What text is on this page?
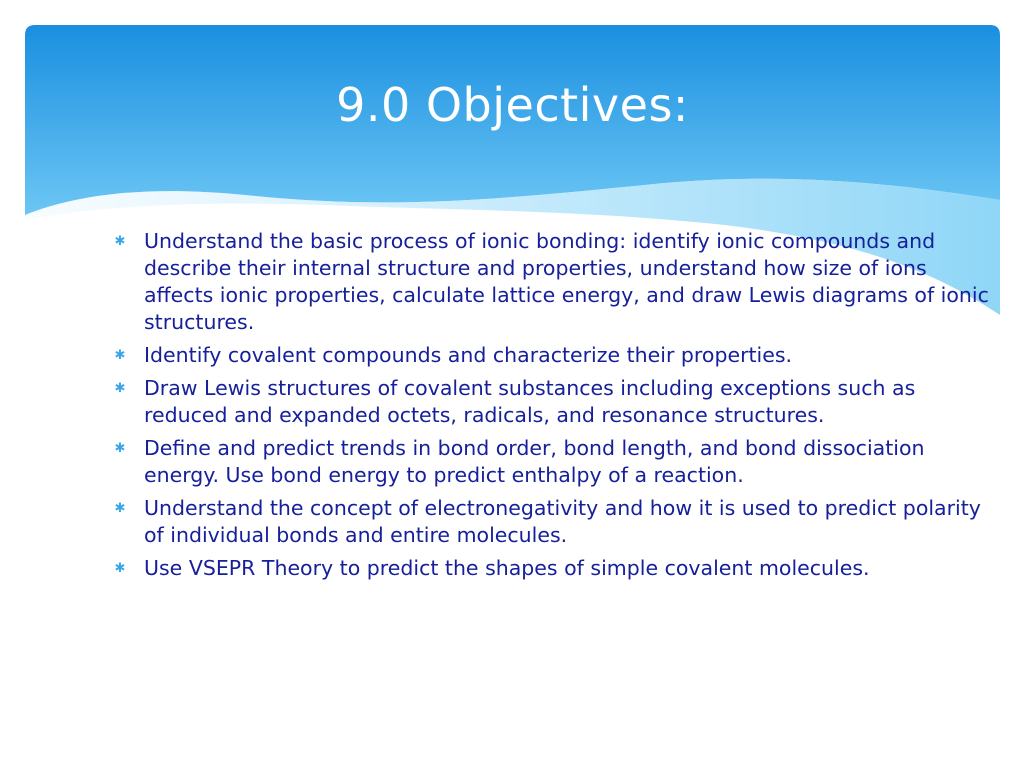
9.0 Objectives:
✱ Understand the basic process of ionic bonding: identify ionic compounds and describe their internal structure and properties, understand how size of ions affects ionic properties, calculate lattice energy, and draw Lewis diagrams of ionic structures.
✱ Identify covalent compounds and characterize their properties.
✱ Draw Lewis structures of covalent substances including exceptions such as reduced and expanded octets, radicals, and resonance structures.
✱ Define and predict trends in bond order, bond length, and bond dissociation energy. Use bond energy to predict enthalpy of a reaction.
✱ Understand the concept of electronegativity and how it is used to predict polarity of individual bonds and entire molecules.
✱ Use VSEPR Theory to predict the shapes of simple covalent molecules.
